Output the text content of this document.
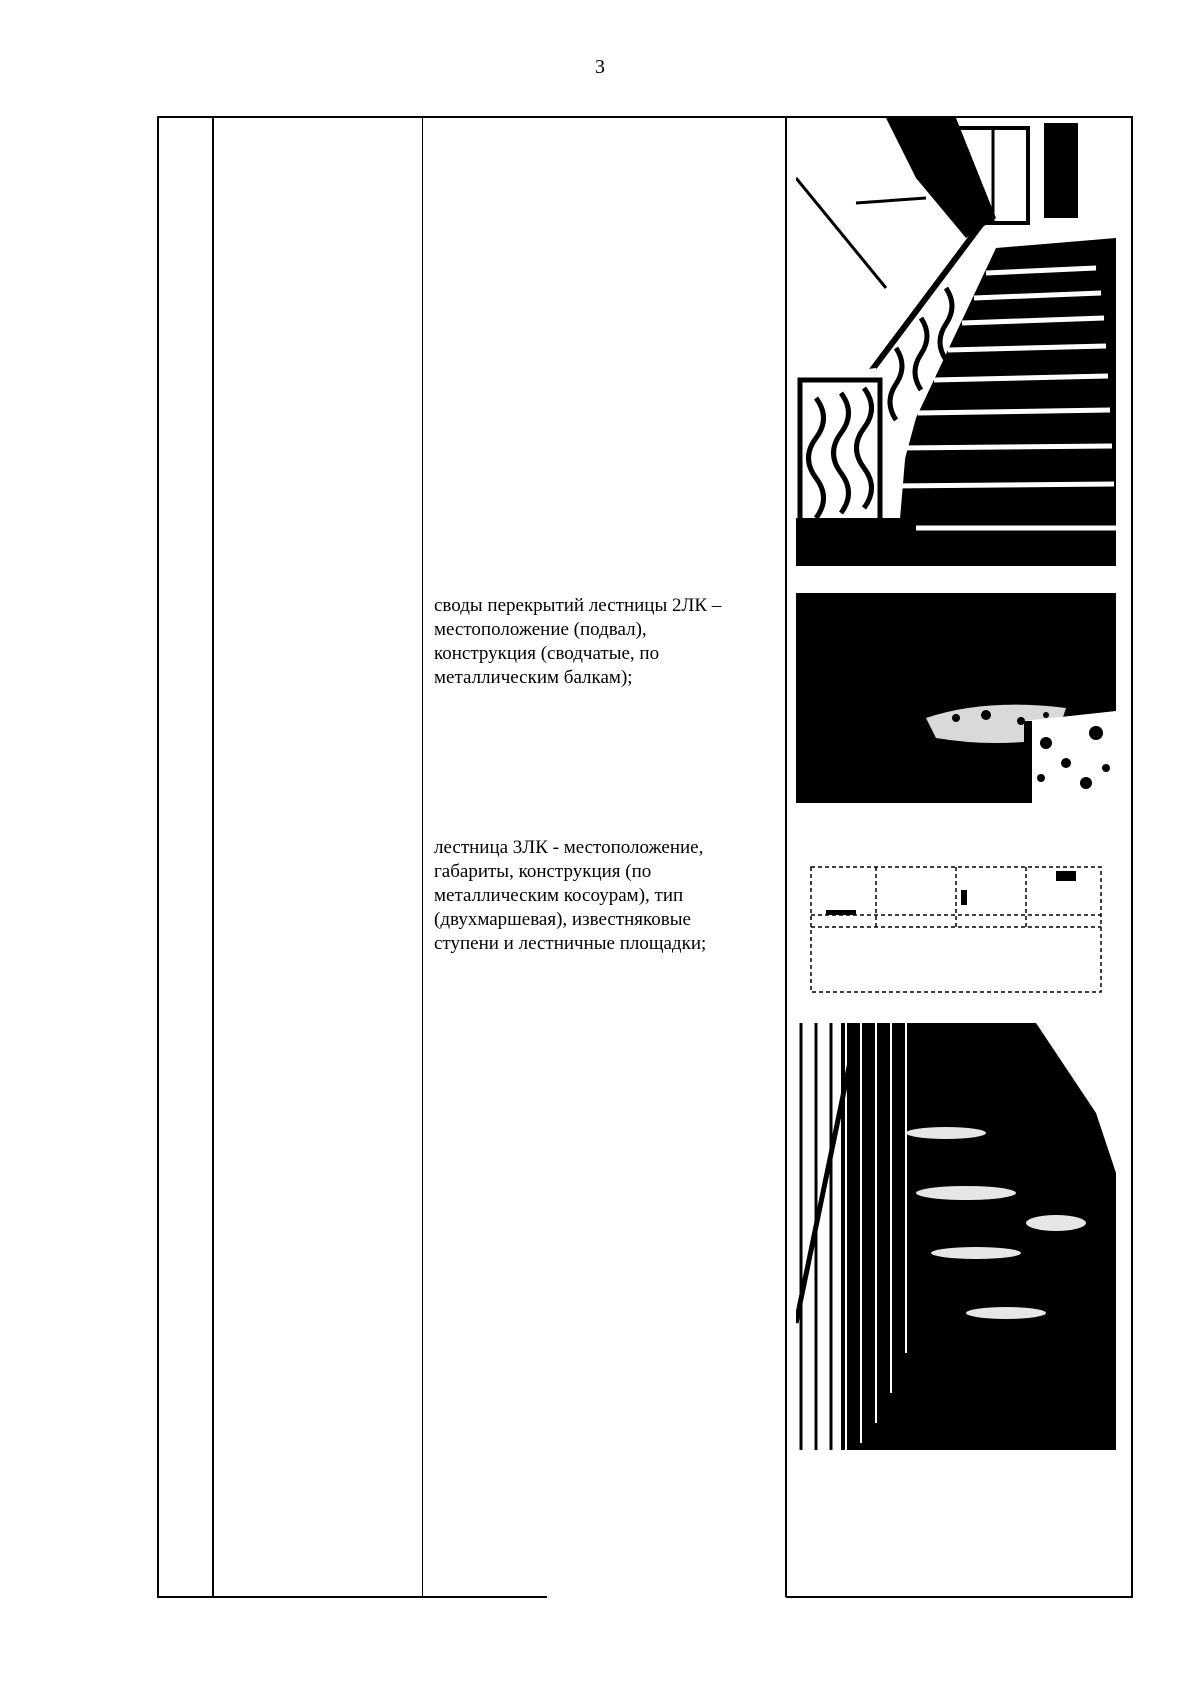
3
своды перекрытий лестницы 2ЛК –
местоположение (подвал),
конструкция (сводчатые, по
металлическим балкам);
лестница 3ЛК - местоположение,
габариты, конструкция (по
металлическим косоурам), тип
(двухмаршевая), известняковые
ступени и лестничные площадки;
